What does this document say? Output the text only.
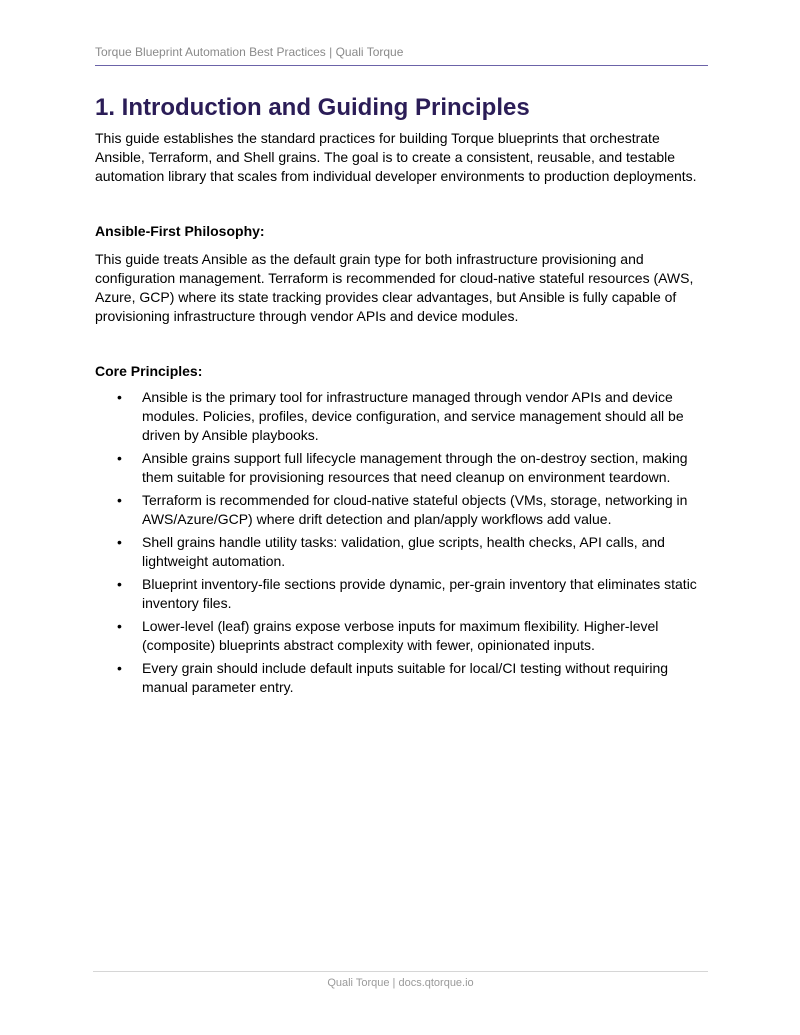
Torque Blueprint Automation Best Practices | Quali Torque
1. Introduction and Guiding Principles

This guide establishes the standard practices for building Torque blueprints that orchestrate Ansible, Terraform, and Shell grains. The goal is to create a consistent, reusable, and testable automation library that scales from individual developer environments to production deployments.

Ansible-First Philosophy:

This guide treats Ansible as the default grain type for both infrastructure provisioning and configuration management. Terraform is recommended for cloud-native stateful resources (AWS, Azure, GCP) where its state tracking provides clear advantages, but Ansible is fully capable of provisioning infrastructure through vendor APIs and device modules.

Core Principles:
• Ansible is the primary tool for infrastructure managed through vendor APIs and device modules. Policies, profiles, device configuration, and service management should all be driven by Ansible playbooks.
• Ansible grains support full lifecycle management through the on-destroy section, making them suitable for provisioning resources that need cleanup on environment teardown.
• Terraform is recommended for cloud-native stateful objects (VMs, storage, networking in AWS/Azure/GCP) where drift detection and plan/apply workflows add value.
• Shell grains handle utility tasks: validation, glue scripts, health checks, API calls, and lightweight automation.
• Blueprint inventory-file sections provide dynamic, per-grain inventory that eliminates static inventory files.
• Lower-level (leaf) grains expose verbose inputs for maximum flexibility. Higher-level (composite) blueprints abstract complexity with fewer, opinionated inputs.
• Every grain should include default inputs suitable for local/CI testing without requiring manual parameter entry.
Quali Torque | docs.qtorque.io
